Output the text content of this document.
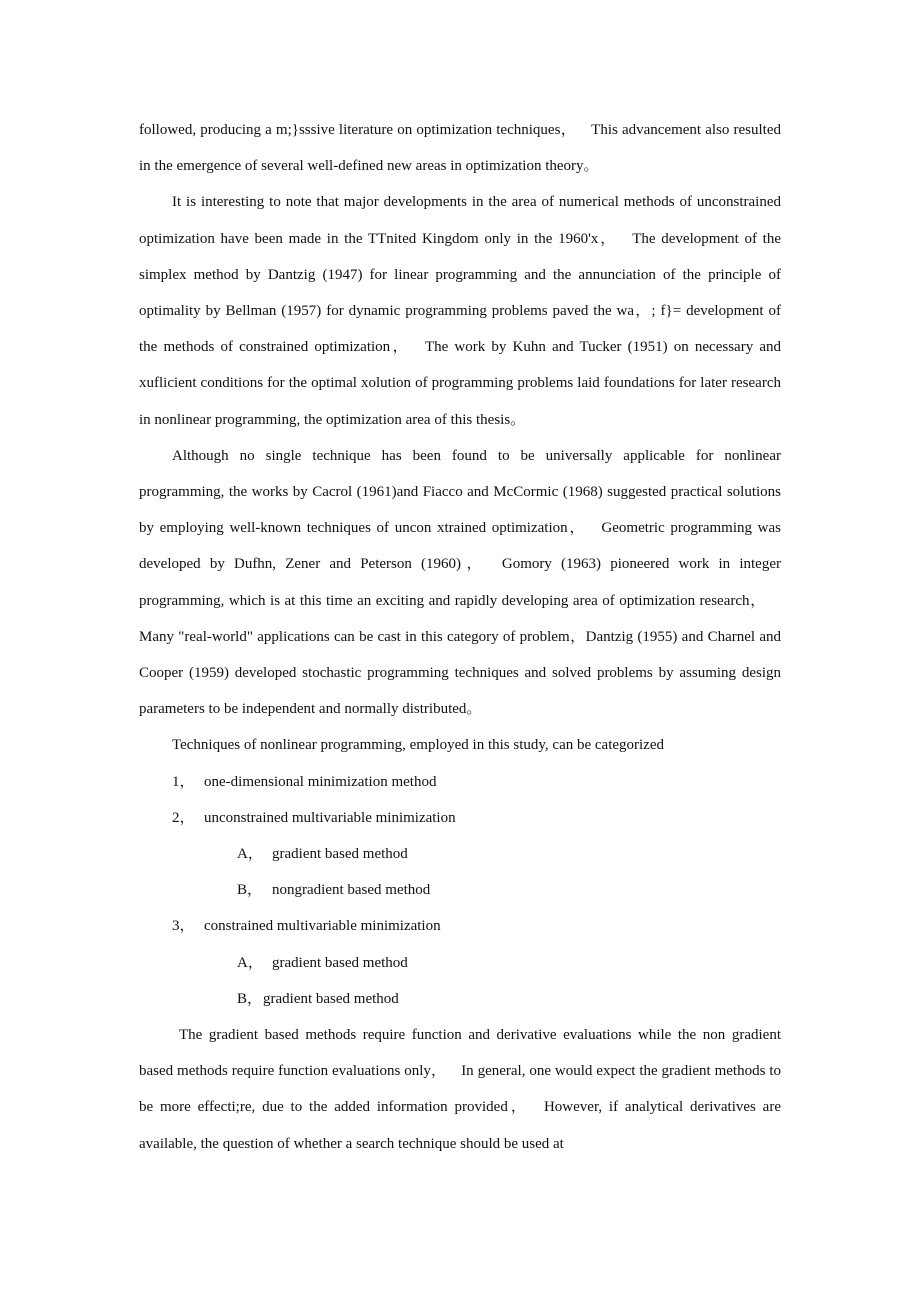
followed, producing a m;}sssive literature on optimization techniques， This advancement also resulted in the emergence of several well-defined new areas in optimization theory。

It is interesting to note that major developments in the area of numerical methods of unconstrained optimization have been made in the TTnited Kingdom only in the 1960'x， The development of the simplex method by Dantzig (1947) for linear programming and the annunciation of the principle of optimality by Bellman (1957) for dynamic programming problems paved the wa，; f}= development of the methods of constrained optimization， The work by Kuhn and Tucker (1951) on necessary and xuflicient conditions for the optimal xolution of programming problems laid foundations for later research in nonlinear programming, the optimization area of this thesis。

Although no single technique has been found to be universally applicable for nonlinear programming, the works by Cacrol (1961)and Fiacco and McCormic (1968) suggested practical solutions by employing well-known techniques of uncon xtrained optimization， Geometric programming was developed by Dufhn, Zener and Peterson (1960)， Gomory (1963) pioneered work in integer programming, which is at this time an exciting and rapidly developing area of optimization research， Many "real-world" applications can be cast in this category of problem，Dantzig (1955) and Charnel and Cooper (1959) developed stochastic programming techniques and solved problems by assuming design parameters to be independent and normally distributed。

Techniques of nonlinear programming, employed in this study, can be categorized

1， one-dimensional minimization method

2， unconstrained multivariable minimization

A， gradient based method

B， nongradient based method

3， constrained multivariable minimization

A， gradient based method

B，gradient based method

The gradient based methods require function and derivative evaluations while the non gradient based methods require function evaluations only， In general, one would expect the gradient methods to be more effecti;re, due to the added information provided， However, if analytical derivatives are available, the question of whether a search technique should be used at
